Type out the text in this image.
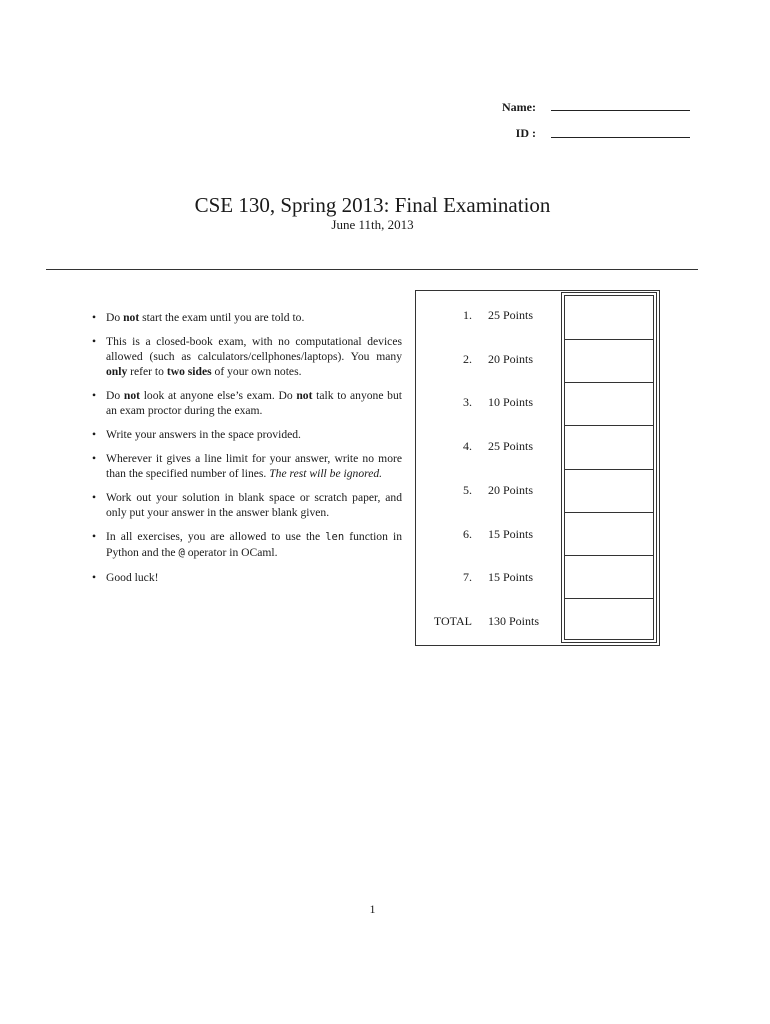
Name:
ID :
CSE 130, Spring 2013: Final Examination
June 11th, 2013
• Do not start the exam until you are told to.
• This is a closed-book exam, with no computational devices allowed (such as calculators/cellphones/laptops). You many only refer to two sides of your own notes.
• Do not look at anyone else’s exam. Do not talk to anyone but an exam proctor during the exam.
• Write your answers in the space provided.
• Wherever it gives a line limit for your answer, write no more than the specified number of lines. The rest will be ignored.
• Work out your solution in blank space or scratch paper, and only put your answer in the answer blank given.
• In all exercises, you are allowed to use the len function in Python and the @ operator in OCaml.
• Good luck!
1. 25 Points
2. 20 Points
3. 10 Points
4. 25 Points
5. 20 Points
6. 15 Points
7. 15 Points
TOTAL 130 Points
1
